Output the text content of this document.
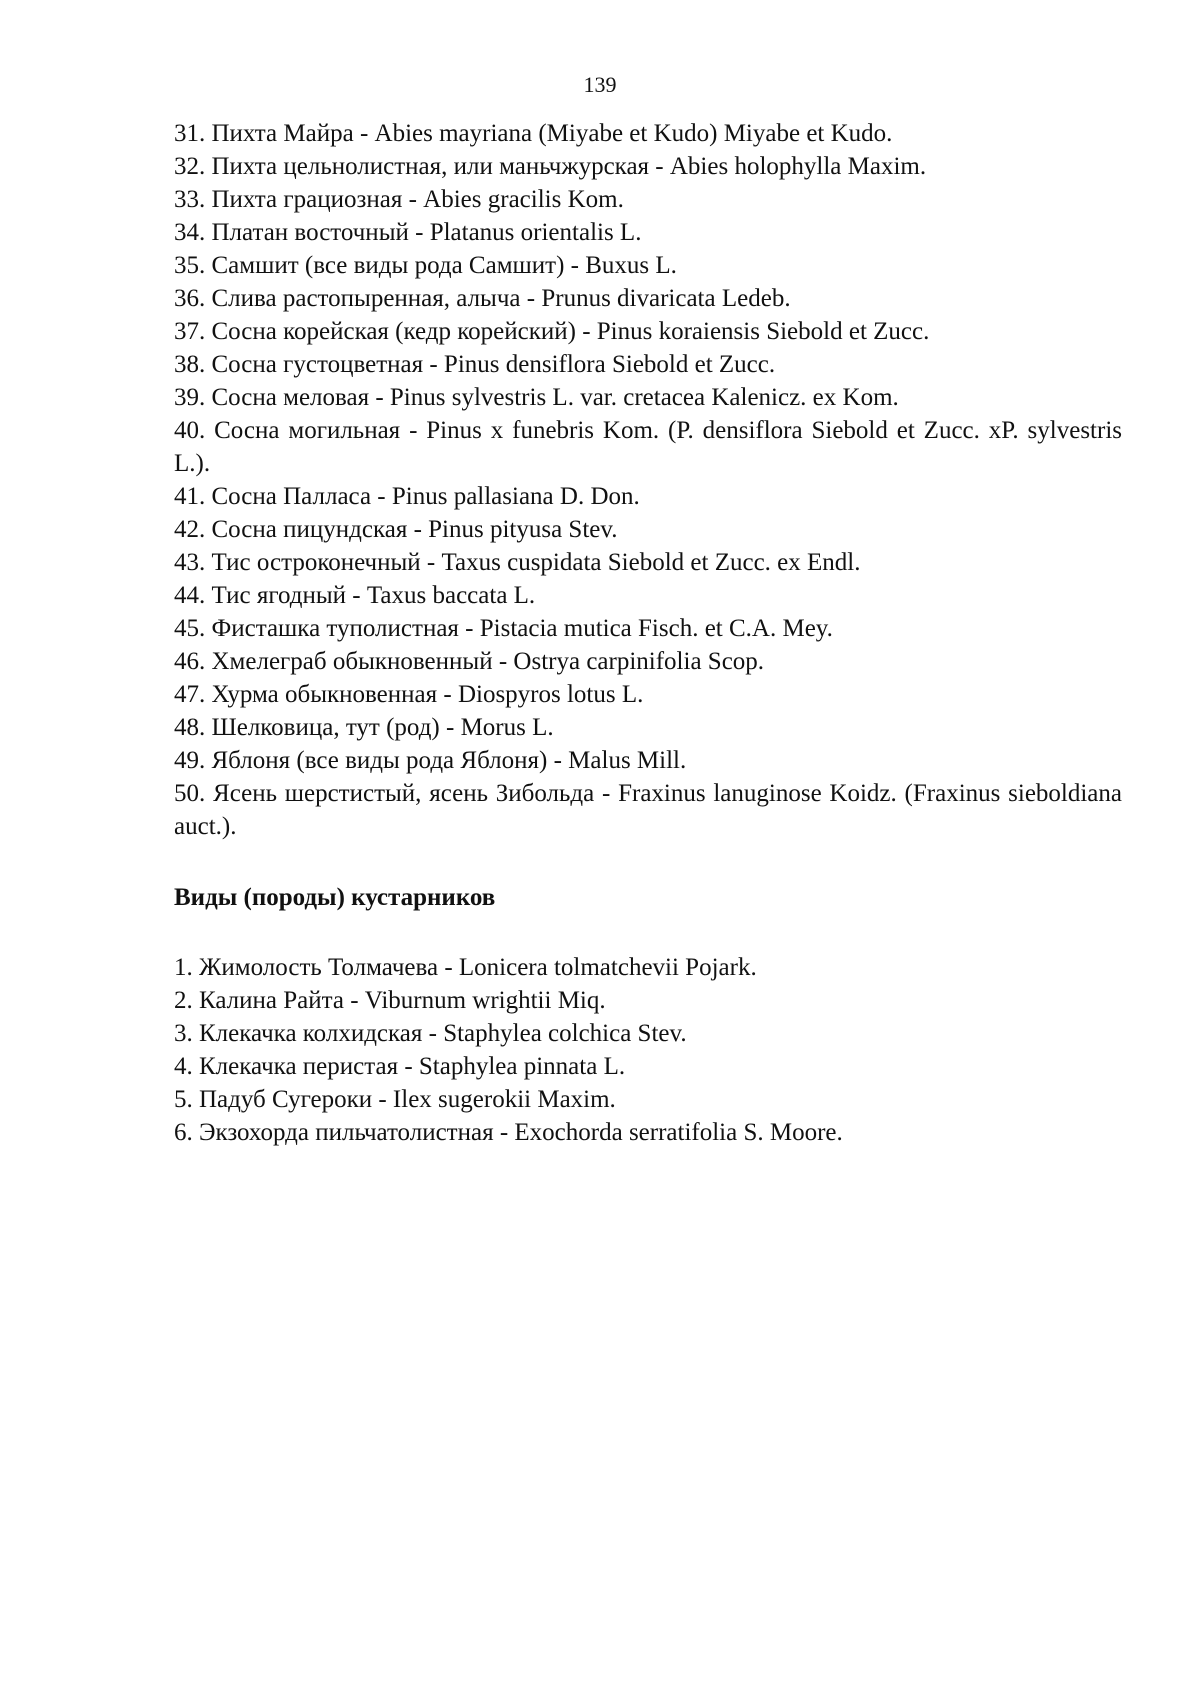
139

31. Пихта Майра - Abies mayriana (Miyabe et Kudo) Miyabe et Kudo.
32. Пихта цельнолистная, или маньчжурская - Abies holophylla Maxim.
33. Пихта грациозная - Abies gracilis Kom.
34. Платан восточный - Platanus orientalis L.
35. Самшит (все виды рода Самшит) - Buxus L.
36. Слива растопыренная, алыча - Prunus divaricata Ledeb.
37. Сосна корейская (кедр корейский) - Pinus koraiensis Siebold et Zucc.
38. Сосна густоцветная - Pinus densiflora Siebold et Zucc.
39. Сосна меловая - Pinus sylvestris L. var. cretacea Kalenicz. ex Kom.
40. Сосна могильная - Pinus x funebris Kom. (P. densiflora Siebold et Zucc. xP. sylvestris L.).
41. Сосна Палласа - Pinus pallasiana D. Don.
42. Сосна пицундская - Pinus pityusa Stev.
43. Тис остроконечный - Taxus cuspidata Siebold et Zucc. ex Endl.
44. Тис ягодный - Taxus baccata L.
45. Фисташка туполистная - Pistacia mutica Fisch. et C.A. Mey.
46. Хмелеграб обыкновенный - Ostrya carpinifolia Scop.
47. Хурма обыкновенная - Diospyros lotus L.
48. Шелковица, тут (род) - Morus L.
49. Яблоня (все виды рода Яблоня) - Malus Mill.
50. Ясень шерстистый, ясень Зибольда - Fraxinus lanuginose Koidz. (Fraxinus sieboldiana auct.).
Виды (породы) кустарников
1. Жимолость Толмачева - Lonicera tolmatchevii Pojark.
2. Калина Райта - Viburnum wrightii Miq.
3. Клекачка колхидская - Staphylea colchica Stev.
4. Клекачка перистая - Staphylea pinnata L.
5. Падуб Сугероки - Ilex sugerokii Maxim.
6. Экзохорда пильчатолистная - Exochorda serratifolia S. Moore.
